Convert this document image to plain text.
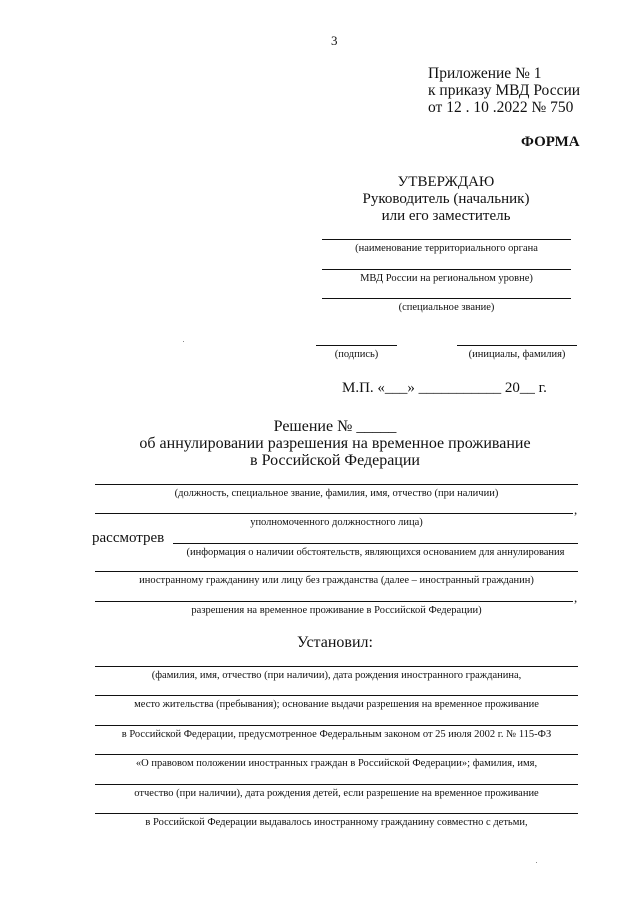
3
Приложение № 1
к приказу МВД России
от 12 . 10 .2022 № 750
ФОРМА
УТВЕРЖДАЮ
Руководитель (начальник)
или его заместитель
(наименование территориального органа
МВД России на региональном уровне)
(специальное звание)
(подпись)	(инициалы, фамилия)
М.П. «___» ___________ 20__ г.
Решение № _____
об аннулировании разрешения на временное проживание
в Российской Федерации
(должность, специальное звание, фамилия, имя, отчество (при наличии)
,
уполномоченного должностного лица)
рассмотрев
(информация о наличии обстоятельств, являющихся основанием для аннулирования
иностранному гражданину или лицу без гражданства (далее – иностранный гражданин)
,
разрешения на временное проживание в Российской Федерации)
Установил:
(фамилия, имя, отчество (при наличии), дата рождения иностранного гражданина,
место жительства (пребывания); основание выдачи разрешения на временное проживание
в Российской Федерации, предусмотренное Федеральным законом от 25 июля 2002 г. № 115-ФЗ
«О правовом положении иностранных граждан в Российской Федерации»; фамилия, имя,
отчество (при наличии), дата рождения детей, если разрешение на временное проживание
в Российской Федерации выдавалось иностранному гражданину совместно с детьми,
